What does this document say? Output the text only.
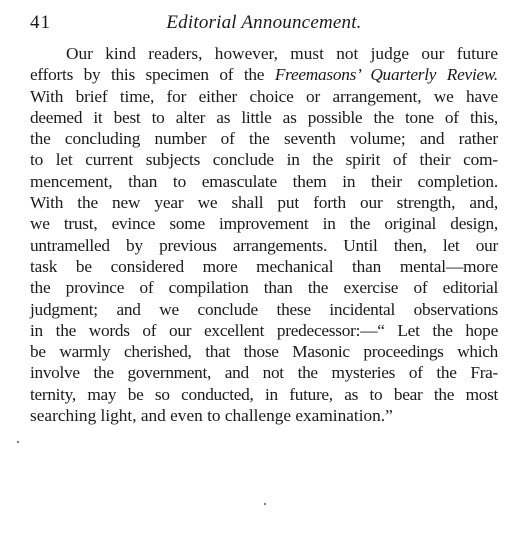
41	Editorial Announcement.
Our kind readers, however, must not judge our future
efforts by this specimen of the Freemasons’ Quarterly Review.
With brief time, for either choice or arrangement, we have
deemed it best to alter as little as possible the tone of this,
the concluding number of the seventh volume; and rather
to let current subjects conclude in the spirit of their com-
mencement, than to emasculate them in their completion.
With the new year we shall put forth our strength, and,
we trust, evince some improvement in the original design,
untramelled by previous arrangements. Until then, let our
task be considered more mechanical than mental—more
the province of compilation than the exercise of editorial
judgment; and we conclude these incidental observations
in the words of our excellent predecessor:—“ Let the hope
be warmly cherished, that those Masonic proceedings which
involve the government, and not the mysteries of the Fra-
ternity, may be so conducted, in future, as to bear the most
searching light, and even to challenge examination.”
